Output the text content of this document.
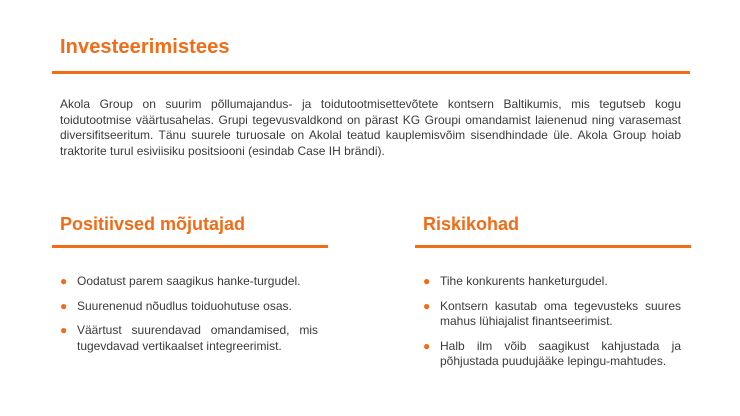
Investeerimistees

Akola Group on suurim põllumajandus- ja toidutootmisettevõtete kontsern Baltikumis, mis tegutseb kogu toidutootmise väärtusahelas. Grupi tegevusvaldkond on pärast KG Groupi omandamist laienenud ning varasemast diversifitseeritum. Tänu suurele turuosale on Akolal teatud kauplemisvõim sisendhindade üle. Akola Group hoiab traktorite turul esiviisiku positsiooni (esindab Case IH brändi).

Positiivsed mõjutajad
● Oodatust parem saagikus hanke-turgudel.
● Suurenenud nõudlus toiduohutuse osas.
● Väärtust suurendavad omandamised, mis tugevdavad vertikaalset integreerimist.
Riskikohad
● Tihe konkurents hanketurgudel.
● Kontsern kasutab oma tegevusteks suures mahus lühiajalist finantseerimist.
● Halb ilm võib saagikust kahjustada ja põhjustada puudujääke lepingu-mahtudes.
